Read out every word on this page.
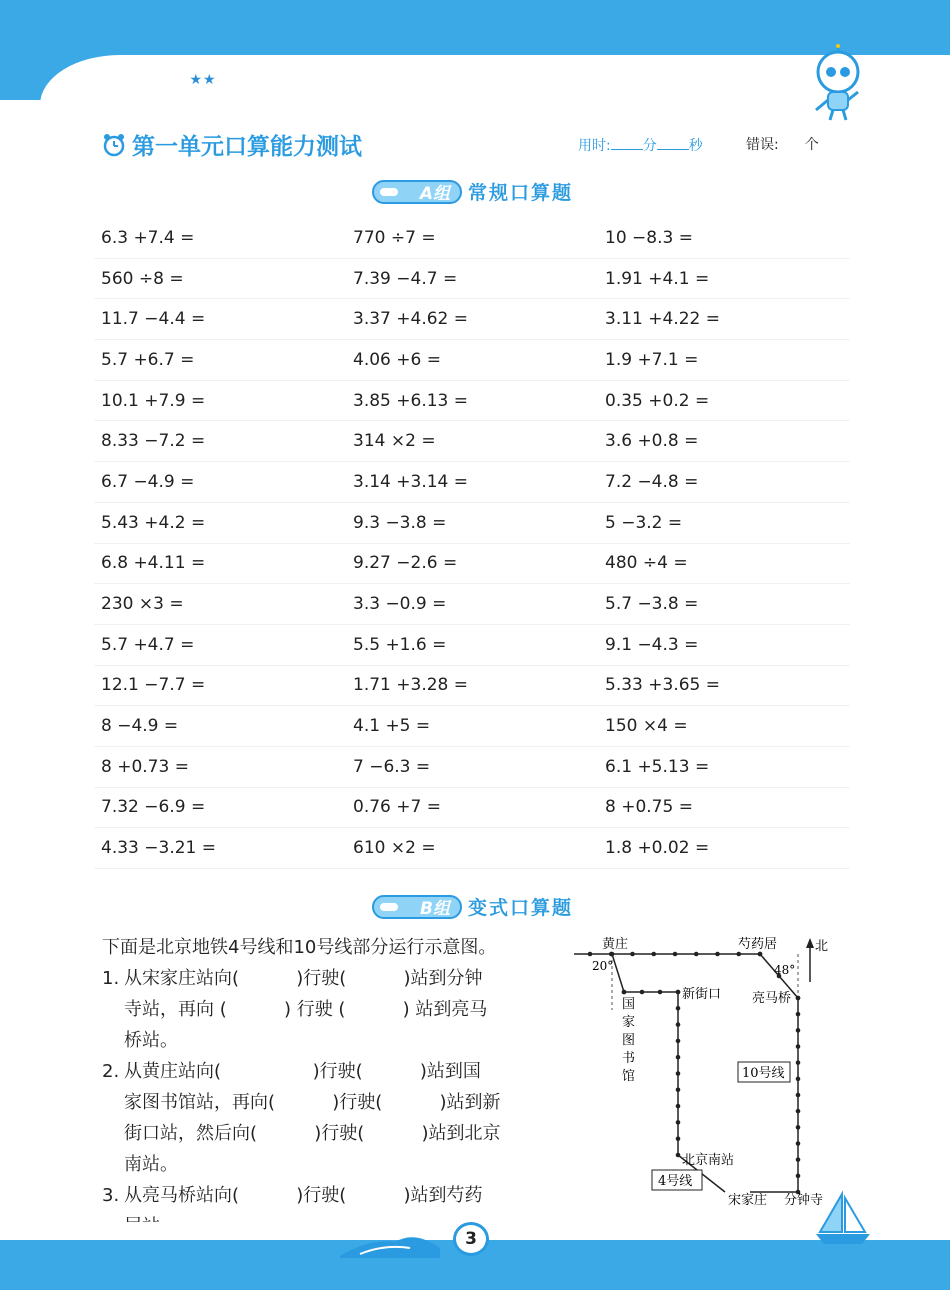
难易等级: ★★	第一单元 方向与路线
第一单元口算能力测试	用时: 分 秒	错误: 个
A组 常规口算题
6.3 +7.4 =	770 ÷7 =	10 −8.3 =
560 ÷8 =	7.39 −4.7 =	1.91 +4.1 =
11.7 −4.4 =	3.37 +4.62 =	3.11 +4.22 =
5.7 +6.7 =	4.06 +6 =	1.9 +7.1 =
10.1 +7.9 =	3.85 +6.13 =	0.35 +0.2 =
8.33 −7.2 =	314 ×2 =	3.6 +0.8 =
6.7 −4.9 =	3.14 +3.14 =	7.2 −4.8 =
5.43 +4.2 =	9.3 −3.8 =	5 −3.2 =
6.8 +4.11 =	9.27 −2.6 =	480 ÷4 =
230 ×3 =	3.3 −0.9 =	5.7 −3.8 =
5.7 +4.7 =	5.5 +1.6 =	9.1 −4.3 =
12.1 −7.7 =	1.71 +3.28 =	5.33 +3.65 =
8 −4.9 =	4.1 +5 =	150 ×4 =
8 +0.73 =	7 −6.3 =	6.1 +5.13 =
7.32 −6.9 =	0.76 +7 =	8 +0.75 =
4.33 −3.21 =	610 ×2 =	1.8 +0.02 =
B组 变式口算题
下面是北京地铁4号线和10号线部分运行示意图。
1. 从宋家庄站向(          )行驶(          )站到分钟
寺站，再向 (          ) 行驶 (          ) 站到亮马
桥站。
2. 从黄庄站向(                )行驶(          )站到国
家图书馆站，再向(          )行驶(          )站到新
街口站，然后向(          )行驶(          )站到北京
南站。
3. 从亮马桥站向(          )行驶(          )站到芍药
黄庄	芍药居	北
20°	48°
新街口 亮马桥
国
家
图
书
馆	10号线
北京南站
4号线
宋家庄 分钟寺
3
